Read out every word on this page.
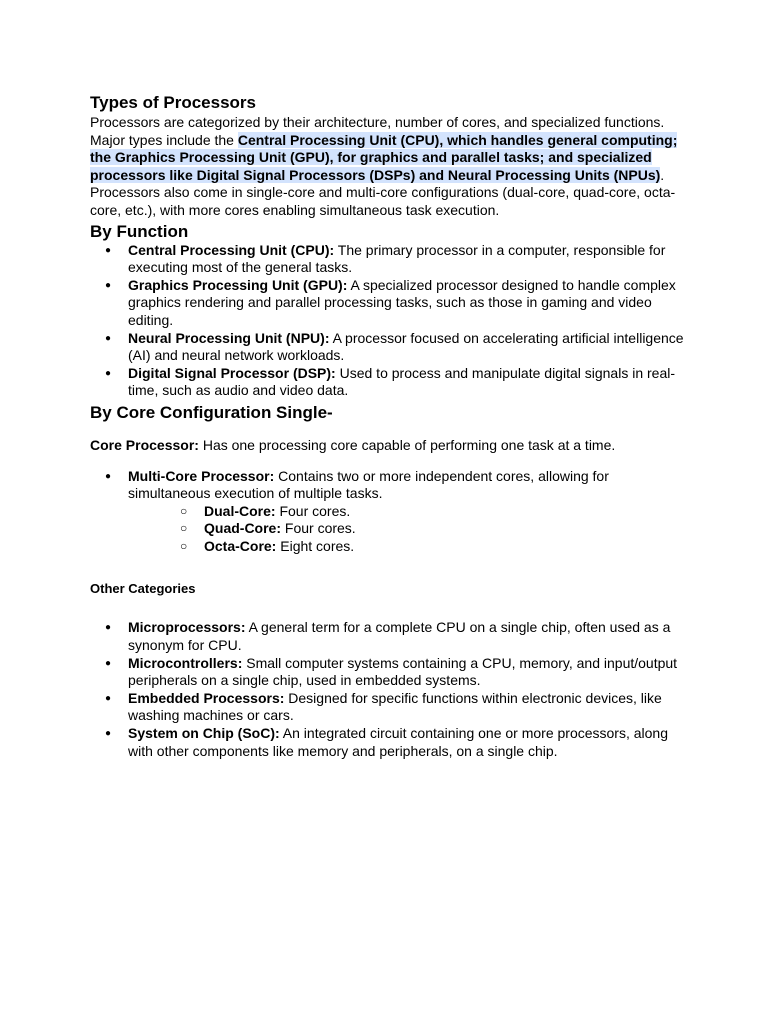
Types of Processors

Processors are categorized by their architecture, number of cores, and specialized functions. Major types include the Central Processing Unit (CPU), which handles general computing; the Graphics Processing Unit (GPU), for graphics and parallel tasks; and specialized processors like Digital Signal Processors (DSPs) and Neural Processing Units (NPUs). Processors also come in single-core and multi-core configurations (dual-core, quad-core, octa-core, etc.), with more cores enabling simultaneous task execution.

By Function
● Central Processing Unit (CPU): The primary processor in a computer, responsible for executing most of the general tasks.
● Graphics Processing Unit (GPU): A specialized processor designed to handle complex graphics rendering and parallel processing tasks, such as those in gaming and video editing.
● Neural Processing Unit (NPU): A processor focused on accelerating artificial intelligence (AI) and neural network workloads.
● Digital Signal Processor (DSP): Used to process and manipulate digital signals in real-time, such as audio and video data.
By Core Configuration Single-

Core Processor: Has one processing core capable of performing one task at a time.

● Multi-Core Processor: Contains two or more independent cores, allowing for simultaneous execution of multiple tasks.
○ Dual-Core: Four cores.
○ Quad-Core: Four cores.
○ Octa-Core: Eight cores.
Other Categories
● Microprocessors: A general term for a complete CPU on a single chip, often used as a synonym for CPU.
● Microcontrollers: Small computer systems containing a CPU, memory, and input/output peripherals on a single chip, used in embedded systems.
● Embedded Processors: Designed for specific functions within electronic devices, like washing machines or cars.
● System on Chip (SoC): An integrated circuit containing one or more processors, along with other components like memory and peripherals, on a single chip.
